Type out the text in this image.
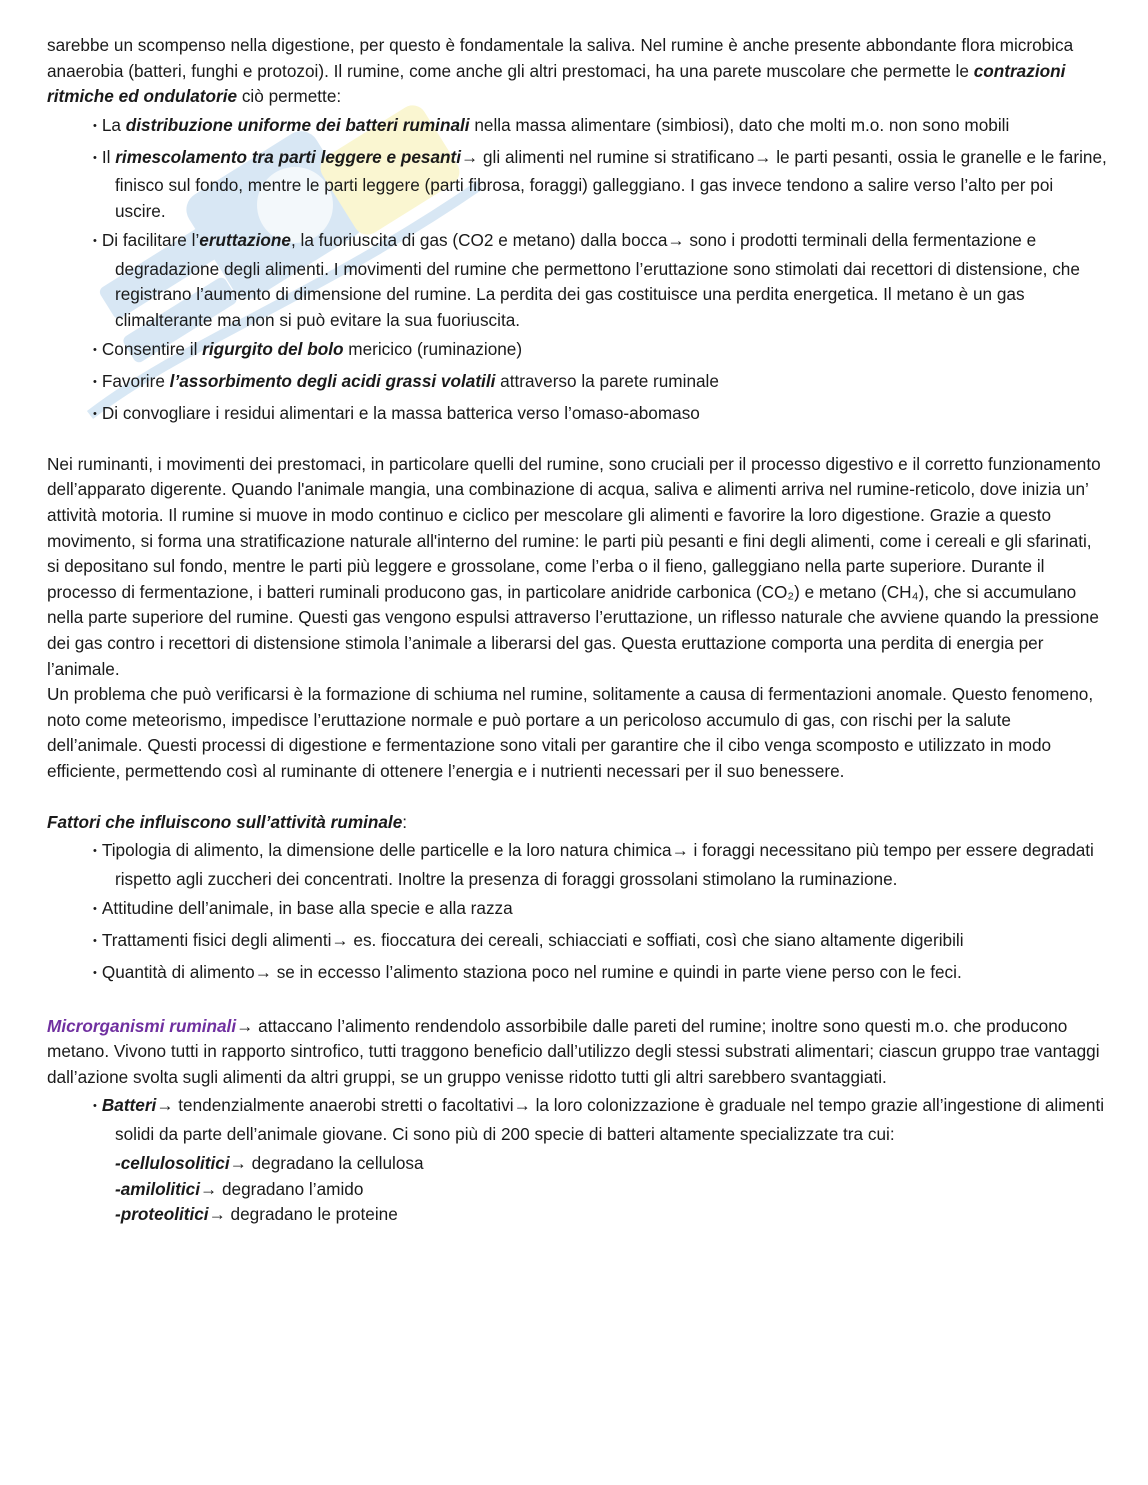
sarebbe un scompenso nella digestione, per questo è fondamentale la saliva. Nel rumine è anche presente abbondante flora microbica anaerobia (batteri, funghi e protozoi). Il rumine, come anche gli altri prestomaci, ha una parete muscolare che permette le contrazioni ritmiche ed ondulatorie ciò permette:

• La distribuzione uniforme dei batteri ruminali nella massa alimentare (simbiosi), dato che molti m.o. non sono mobili
• Il rimescolamento tra parti leggere e pesanti→ gli alimenti nel rumine si stratificano→ le parti pesanti, ossia le granelle e le farine, finisco sul fondo, mentre le parti leggere (parti fibrosa, foraggi) galleggiano. I gas invece tendono a salire verso l’alto per poi uscire.
• Di facilitare l’eruttazione, la fuoriuscita di gas (CO2 e metano) dalla bocca→ sono i prodotti terminali della fermentazione e degradazione degli alimenti. I movimenti del rumine che permettono l’eruttazione sono stimolati dai recettori di distensione, che registrano l’aumento di dimensione del rumine. La perdita dei gas costituisce una perdita energetica. Il metano è un gas climalterante ma non si può evitare la sua fuoriuscita.
• Consentire il rigurgito del bolo mericico (ruminazione)
• Favorire l’assorbimento degli acidi grassi volatili attraverso la parete ruminale
• Di convogliare i residui alimentari e la massa batterica verso l’omaso-abomaso

Nei ruminanti, i movimenti dei prestomaci, in particolare quelli del rumine, sono cruciali per il processo digestivo e il corretto funzionamento dell’apparato digerente. Quando l'animale mangia, una combinazione di acqua, saliva e alimenti arriva nel rumine-reticolo, dove inizia un’ attività motoria. Il rumine si muove in modo continuo e ciclico per mescolare gli alimenti e favorire la loro digestione. Grazie a questo movimento, si forma una stratificazione naturale all'interno del rumine: le parti più pesanti e fini degli alimenti, come i cereali e gli sfarinati, si depositano sul fondo, mentre le parti più leggere e grossolane, come l’erba o il fieno, galleggiano nella parte superiore. Durante il processo di fermentazione, i batteri ruminali producono gas, in particolare anidride carbonica (CO₂) e metano (CH₄), che si accumulano nella parte superiore del rumine. Questi gas vengono espulsi attraverso l’eruttazione, un riflesso naturale che avviene quando la pressione dei gas contro i recettori di distensione stimola l’animale a liberarsi del gas. Questa eruttazione comporta una perdita di energia per l’animale.

Un problema che può verificarsi è la formazione di schiuma nel rumine, solitamente a causa di fermentazioni anomale. Questo fenomeno, noto come meteorismo, impedisce l’eruttazione normale e può portare a un pericoloso accumulo di gas, con rischi per la salute dell’animale. Questi processi di digestione e fermentazione sono vitali per garantire che il cibo venga scomposto e utilizzato in modo efficiente, permettendo così al ruminante di ottenere l’energia e i nutrienti necessari per il suo benessere.

Fattori che influiscono sull’attività ruminale:

• Tipologia di alimento, la dimensione delle particelle e la loro natura chimica→ i foraggi necessitano più tempo per essere degradati rispetto agli zuccheri dei concentrati. Inoltre la presenza di foraggi grossolani stimolano la ruminazione.
• Attitudine dell’animale, in base alla specie e alla razza
• Trattamenti fisici degli alimenti→ es. fioccatura dei cereali, schiacciati e soffiati, così che siano altamente digeribili
• Quantità di alimento→ se in eccesso l’alimento staziona poco nel rumine e quindi in parte viene perso con le feci.

Microrganismi ruminali→ attaccano l’alimento rendendolo assorbibile dalle pareti del rumine; inoltre sono questi m.o. che producono metano. Vivono tutti in rapporto sintrofico, tutti traggono beneficio dall’utilizzo degli stessi substrati alimentari; ciascun gruppo trae vantaggi dall’azione svolta sugli alimenti da altri gruppi, se un gruppo venisse ridotto tutti gli altri sarebbero svantaggiati.

• Batteri→ tendenzialmente anaerobi stretti o facoltativi→ la loro colonizzazione è graduale nel tempo grazie all’ingestione di alimenti solidi da parte dell’animale giovane. Ci sono più di 200 specie di batteri altamente specializzate tra cui:
-cellulosolitici→ degradano la cellulosa
-amilolitici→ degradano l’amido
-proteolitici→ degradano le proteine
